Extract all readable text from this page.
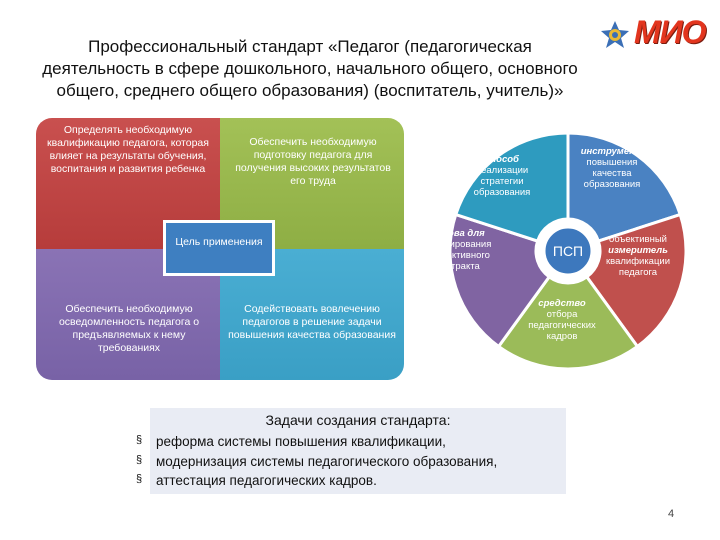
Профессиональный стандарт «Педагог (педагогическая
деятельность в сфере дошкольного, начального общего, основного
общего, среднего общего образования) (воспитатель, учитель)»
МИО
Определять необходимую квалификацию педагога, которая влияет на результаты обучения, воспитания и развития ребенка
Обеспечить необходимую подготовку педагога для получения высоких результатов его труда
Обеспечить необходимую осведомленность педагога о предъявляемых к нему требованиях
Содействовать вовлечению педагогов в решение задачи повышения качества образования
Цель применения
ПСП
инструмент повышения качества образования
объективный измеритель квалификации педагога
средство отбора педагогических кадров
основа для формирования эффективного контракта
способ реализации стратегии образования
Задачи создания стандарта:
§ реформа системы повышения квалификации,
§ модернизация системы педагогического образования,
§ аттестация педагогических кадров.
4
